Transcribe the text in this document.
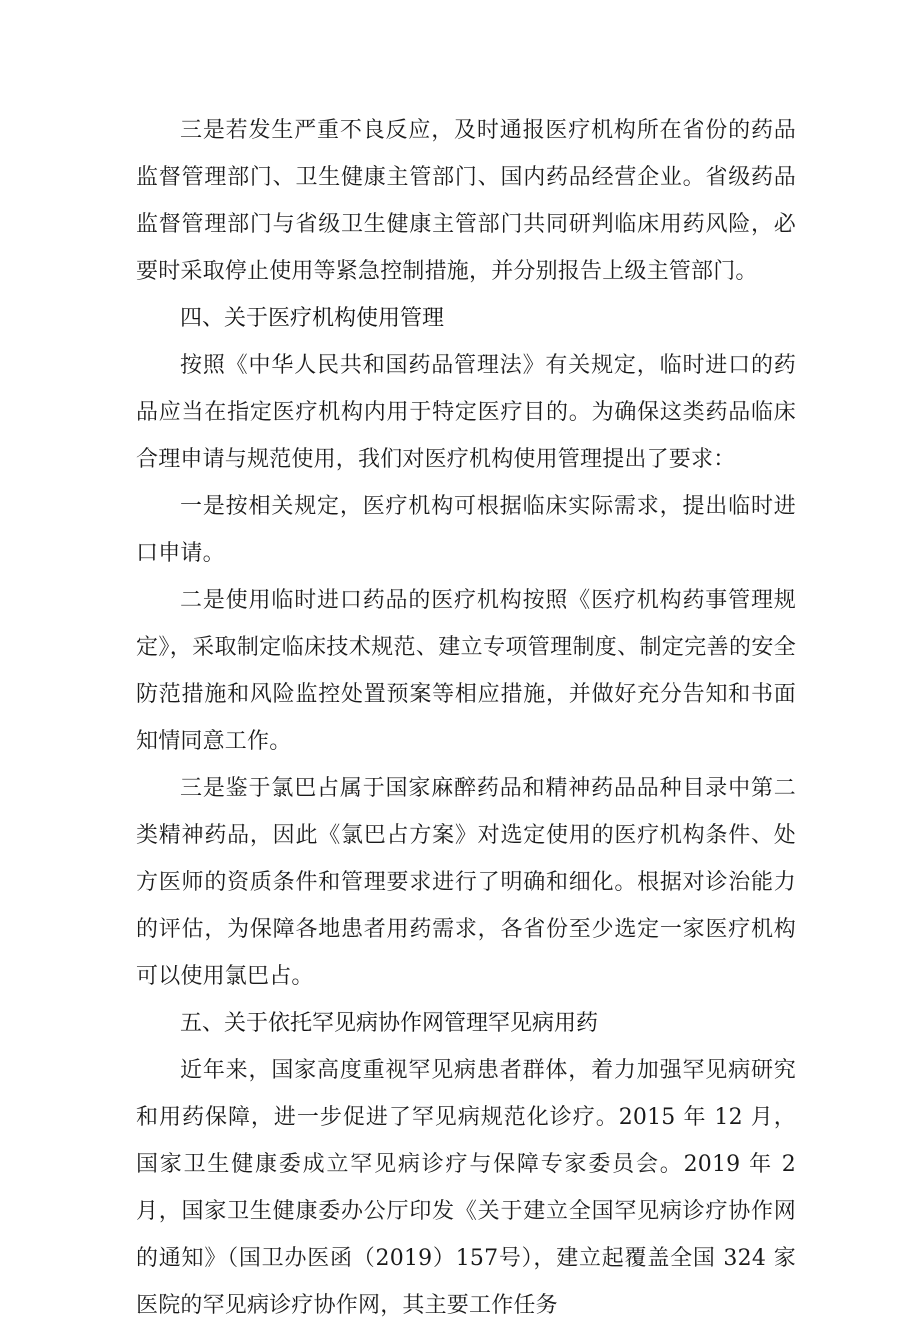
三是若发生严重不良反应，及时通报医疗机构所在省份的药品监督管理部门、卫生健康主管部门、国内药品经营企业。省级药品监督管理部门与省级卫生健康主管部门共同研判临床用药风险，必要时采取停止使用等紧急控制措施，并分别报告上级主管部门。

四、关于医疗机构使用管理

按照《中华人民共和国药品管理法》有关规定，临时进口的药品应当在指定医疗机构内用于特定医疗目的。为确保这类药品临床合理申请与规范使用，我们对医疗机构使用管理提出了要求：

一是按相关规定，医疗机构可根据临床实际需求，提出临时进口申请。

二是使用临时进口药品的医疗机构按照《医疗机构药事管理规定》，采取制定临床技术规范、建立专项管理制度、制定完善的安全防范措施和风险监控处置预案等相应措施，并做好充分告知和书面知情同意工作。

三是鉴于氯巴占属于国家麻醉药品和精神药品品种目录中第二类精神药品，因此《氯巴占方案》对选定使用的医疗机构条件、处方医师的资质条件和管理要求进行了明确和细化。根据对诊治能力的评估，为保障各地患者用药需求，各省份至少选定一家医疗机构可以使用氯巴占。

五、关于依托罕见病协作网管理罕见病用药

近年来，国家高度重视罕见病患者群体，着力加强罕见病研究和用药保障，进一步促进了罕见病规范化诊疗。2015 年 12 月，国家卫生健康委成立罕见病诊疗与保障专家委员会。2019 年 2 月，国家卫生健康委办公厅印发《关于建立全国罕见病诊疗协作网的通知》（国卫办医函（2019）157号），建立起覆盖全国 324 家医院的罕见病诊疗协作网，其主要工作任务
